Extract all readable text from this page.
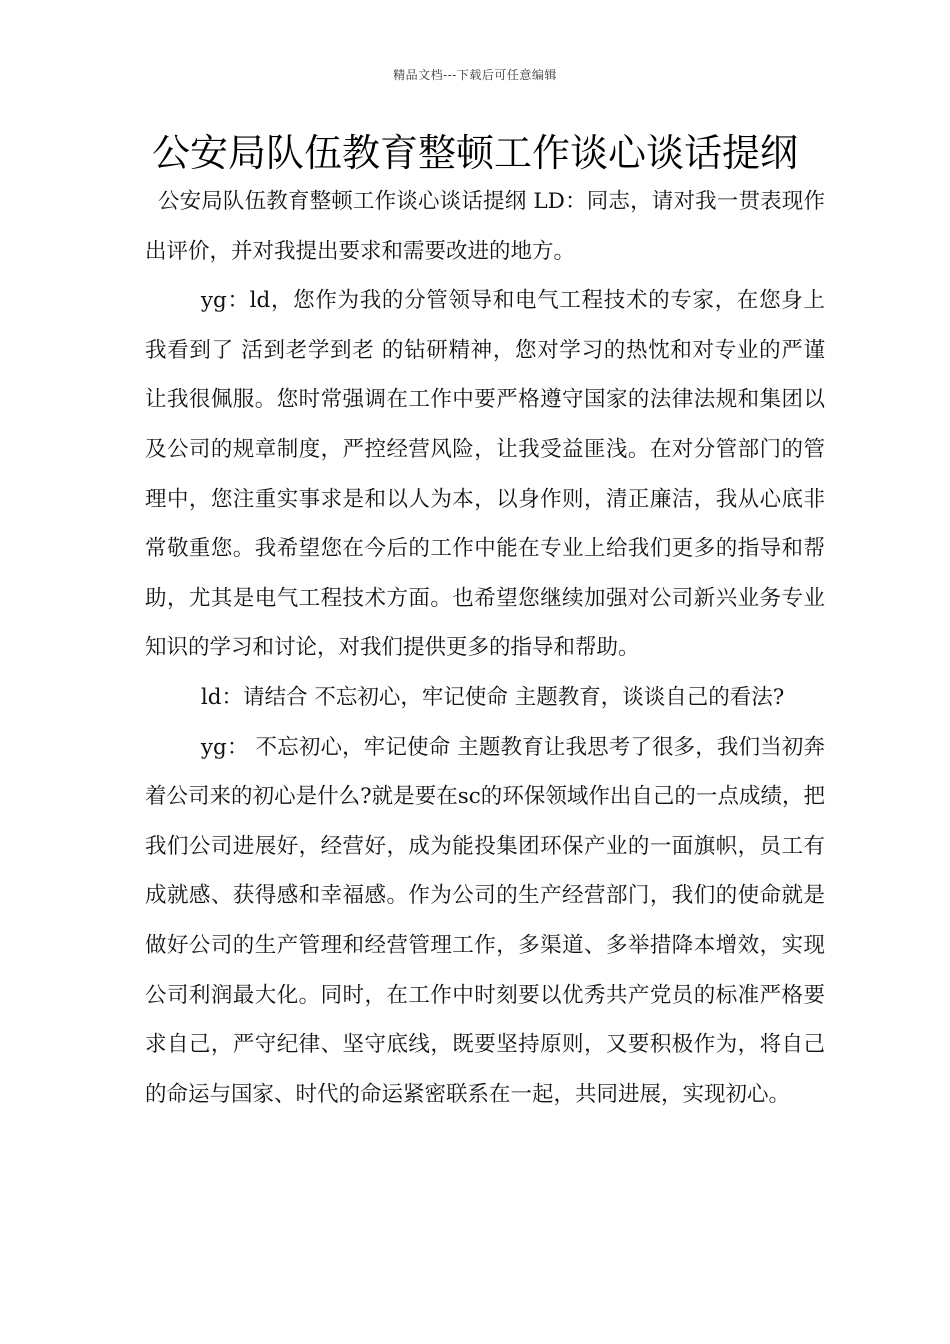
精品文档---下载后可任意编辑
公安局队伍教育整顿工作谈心谈话提纲

公安局队伍教育整顿工作谈心谈话提纲 LD：同志，请对我一贯表现作出评价，并对我提出要求和需要改进的地方。

yg：ld，您作为我的分管领导和电气工程技术的专家，在您身上我看到了 活到老学到老 的钻研精神，您对学习的热忱和对专业的严谨让我很佩服。您时常强调在工作中要严格遵守国家的法律法规和集团以及公司的规章制度，严控经营风险，让我受益匪浅。在对分管部门的管理中，您注重实事求是和以人为本，以身作则，清正廉洁，我从心底非常敬重您。我希望您在今后的工作中能在专业上给我们更多的指导和帮助，尤其是电气工程技术方面。也希望您继续加强对公司新兴业务专业知识的学习和讨论，对我们提供更多的指导和帮助。

ld：请结合 不忘初心，牢记使命 主题教育，谈谈自己的看法?

yg： 不忘初心，牢记使命 主题教育让我思考了很多，我们当初奔着公司来的初心是什么?就是要在sc的环保领域作出自己的一点成绩，把我们公司进展好，经营好，成为能投集团环保产业的一面旗帜，员工有成就感、获得感和幸福感。作为公司的生产经营部门，我们的使命就是做好公司的生产管理和经营管理工作，多渠道、多举措降本增效，实现公司利润最大化。同时，在工作中时刻要以优秀共产党员的标准严格要求自己，严守纪律、坚守底线，既要坚持原则，又要积极作为，将自己的命运与国家、时代的命运紧密联系在一起，共同进展，实现初心。
